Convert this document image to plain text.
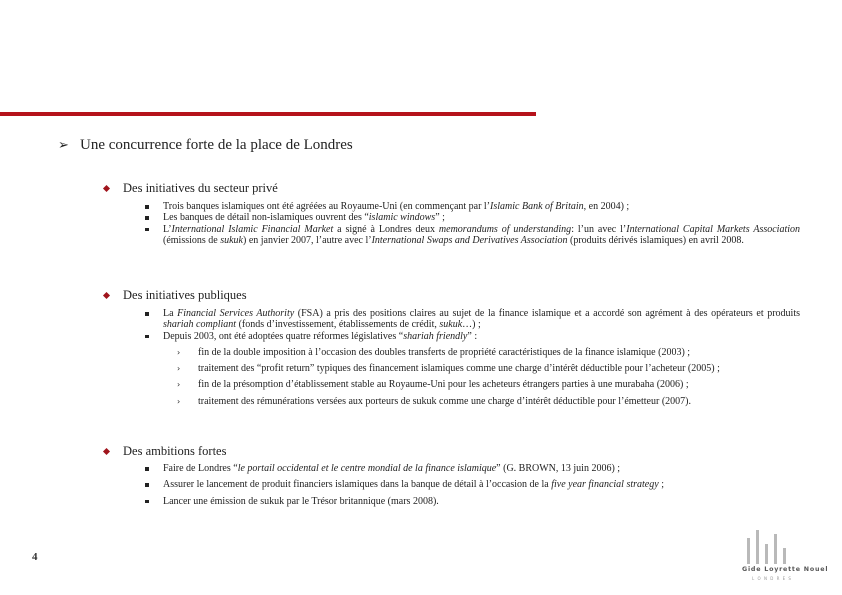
➢ Une concurrence forte de la place de Londres
Des initiatives du secteur privé
Trois banques islamiques ont été agréées au Royaume-Uni (en commençant par l’Islamic Bank of Britain, en 2004) ;
Les banques de détail non-islamiques ouvrent des “islamic windows” ;
L’International Islamic Financial Market a signé à Londres deux memorandums of understanding: l’un avec l’International Capital Markets Association (émissions de sukuk) en janvier 2007, l’autre avec l’International Swaps and Derivatives Association (produits dérivés islamiques) en avril 2008.
Des initiatives publiques
La Financial Services Authority (FSA) a pris des positions claires au sujet de la finance islamique et a accordé son agrément à des opérateurs et produits shariah compliant (fonds d’investissement, établissements de crédit, sukuk…) ;
Depuis 2003, ont été adoptées quatre réformes législatives “shariah friendly” :
› fin de la double imposition à l’occasion des doubles transferts de propriété caractéristiques de la finance islamique (2003) ;
› traitement des “profit return” typiques des financement islamiques comme une charge d’intérêt déductible pour l’acheteur (2005) ;
› fin de la présomption d’établissement stable au Royaume-Uni pour les acheteurs étrangers parties à une murabaha (2006) ;
› traitement des rémunérations versées aux porteurs de sukuk comme une charge d’intérêt déductible pour l’émetteur (2007).
Des ambitions fortes
Faire de Londres “le portail occidental et le centre mondial de la finance islamique” (G. BROWN, 13 juin 2006) ;
Assurer le lancement de produit financiers islamiques dans la banque de détail à l’occasion de la five year financial strategy ;
Lancer une émission de sukuk par le Trésor britannique (mars 2008).
4
Gide Loyrette Nouel
L O N D R E S
